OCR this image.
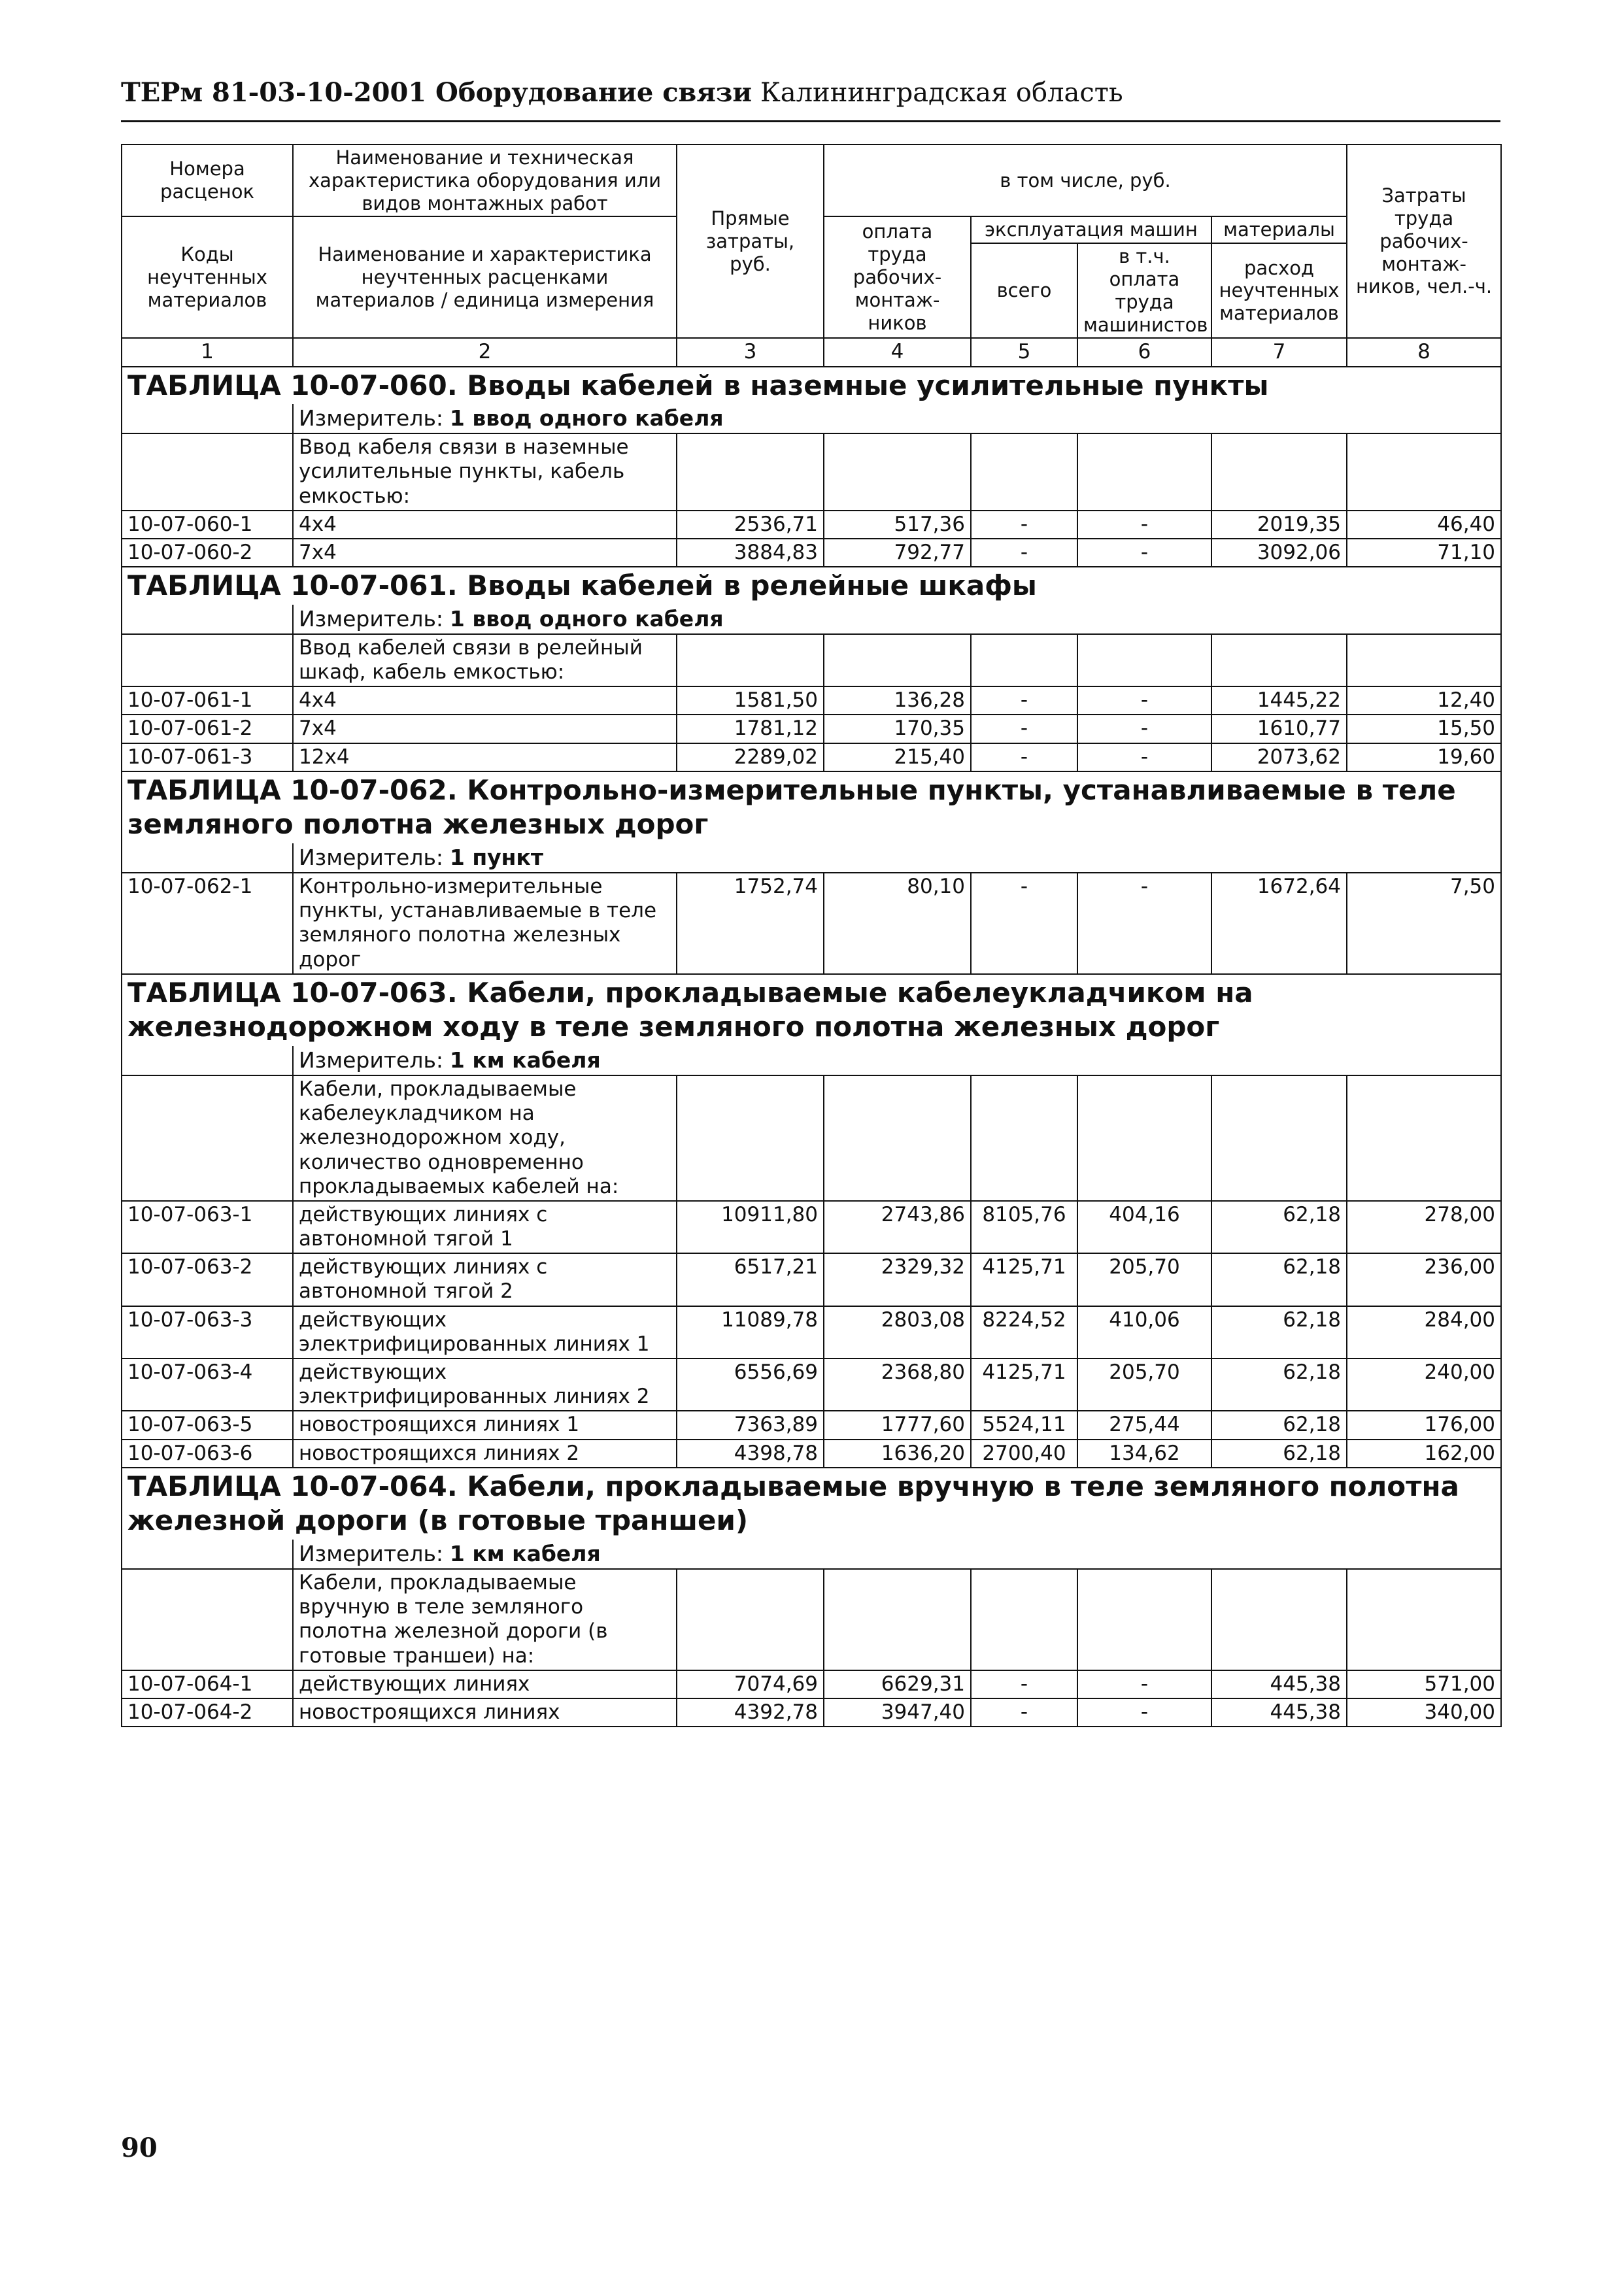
ТЕРм 81-03-10-2001 Оборудование связи Калининградская область
Номера расценок	Наименование и техническая характеристика оборудования или видов монтажных работ	Прямые затраты, руб.	в том числе, руб.				Затраты труда рабочих-монтаж-ников, чел.-ч.
Коды неучтенных материалов	Наименование и характеристика неучтенных расценками материалов / единица измерения		оплата труда рабочих-монтаж-ников	эксплуатация машин		материалы	
				всего	в т.ч. оплата труда машинистов	расход неучтенных материалов	
1	2	3	4	5	6	7	8
ТАБЛИЦА 10-07-060. Вводы кабелей в наземные усилительные пункты							
	Измеритель: 1 ввод одного кабеля						
	Ввод кабеля связи в наземные усилительные пункты, кабель емкостью:						
10-07-060-1	4x4	2536,71	517,36	-	-	2019,35	46,40
10-07-060-2	7x4	3884,83	792,77	-	-	3092,06	71,10
ТАБЛИЦА 10-07-061. Вводы кабелей в релейные шкафы							
	Измеритель: 1 ввод одного кабеля						
	Ввод кабелей связи в релейный шкаф, кабель емкостью:						
10-07-061-1	4x4	1581,50	136,28	-	-	1445,22	12,40
10-07-061-2	7x4	1781,12	170,35	-	-	1610,77	15,50
10-07-061-3	12x4	2289,02	215,40	-	-	2073,62	19,60
ТАБЛИЦА 10-07-062. Контрольно-измерительные пункты, устанавливаемые в теле земляного полотна железных дорог							
	Измеритель: 1 пункт						
10-07-062-1	Контрольно-измерительные пункты, устанавливаемые в теле земляного полотна железных дорог	1752,74	80,10	-	-	1672,64	7,50
ТАБЛИЦА 10-07-063. Кабели, прокладываемые кабелеукладчиком на железнодорожном ходу в теле земляного полотна железных дорог							
	Измеритель: 1 км кабеля						
	Кабели, прокладываемые кабелеукладчиком на железнодорожном ходу, количество одновременно прокладываемых кабелей на:						
10-07-063-1	действующих линиях с автономной тягой 1	10911,80	2743,86	8105,76	404,16	62,18	278,00
10-07-063-2	действующих линиях с автономной тягой 2	6517,21	2329,32	4125,71	205,70	62,18	236,00
10-07-063-3	действующих электрифицированных линиях 1	11089,78	2803,08	8224,52	410,06	62,18	284,00
10-07-063-4	действующих электрифицированных линиях 2	6556,69	2368,80	4125,71	205,70	62,18	240,00
10-07-063-5	новостроящихся линиях 1	7363,89	1777,60	5524,11	275,44	62,18	176,00
10-07-063-6	новостроящихся линиях 2	4398,78	1636,20	2700,40	134,62	62,18	162,00
ТАБЛИЦА 10-07-064. Кабели, прокладываемые вручную в теле земляного полотна железной дороги (в готовые траншеи)							
	Измеритель: 1 км кабеля						
	Кабели, прокладываемые вручную в теле земляного полотна железной дороги (в готовые траншеи) на:						
10-07-064-1	действующих линиях	7074,69	6629,31	-	-	445,38	571,00
10-07-064-2	новостроящихся линиях	4392,78	3947,40	-	-	445,38	340,00
90
